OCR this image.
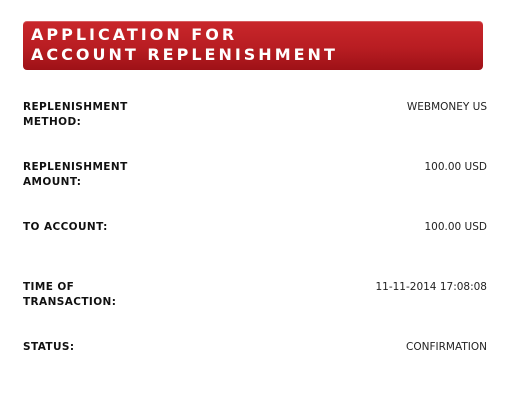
APPLICATION FOR ACCOUNT REPLENISHMENT
REPLENISHMENT METHOD:
WEBMONEY US
REPLENISHMENT AMOUNT:
100.00 USD
TO ACCOUNT:	100.00 USD
TIME OF TRANSACTION:
11-11-2014 17:08:08
STATUS:	CONFIRMATION
